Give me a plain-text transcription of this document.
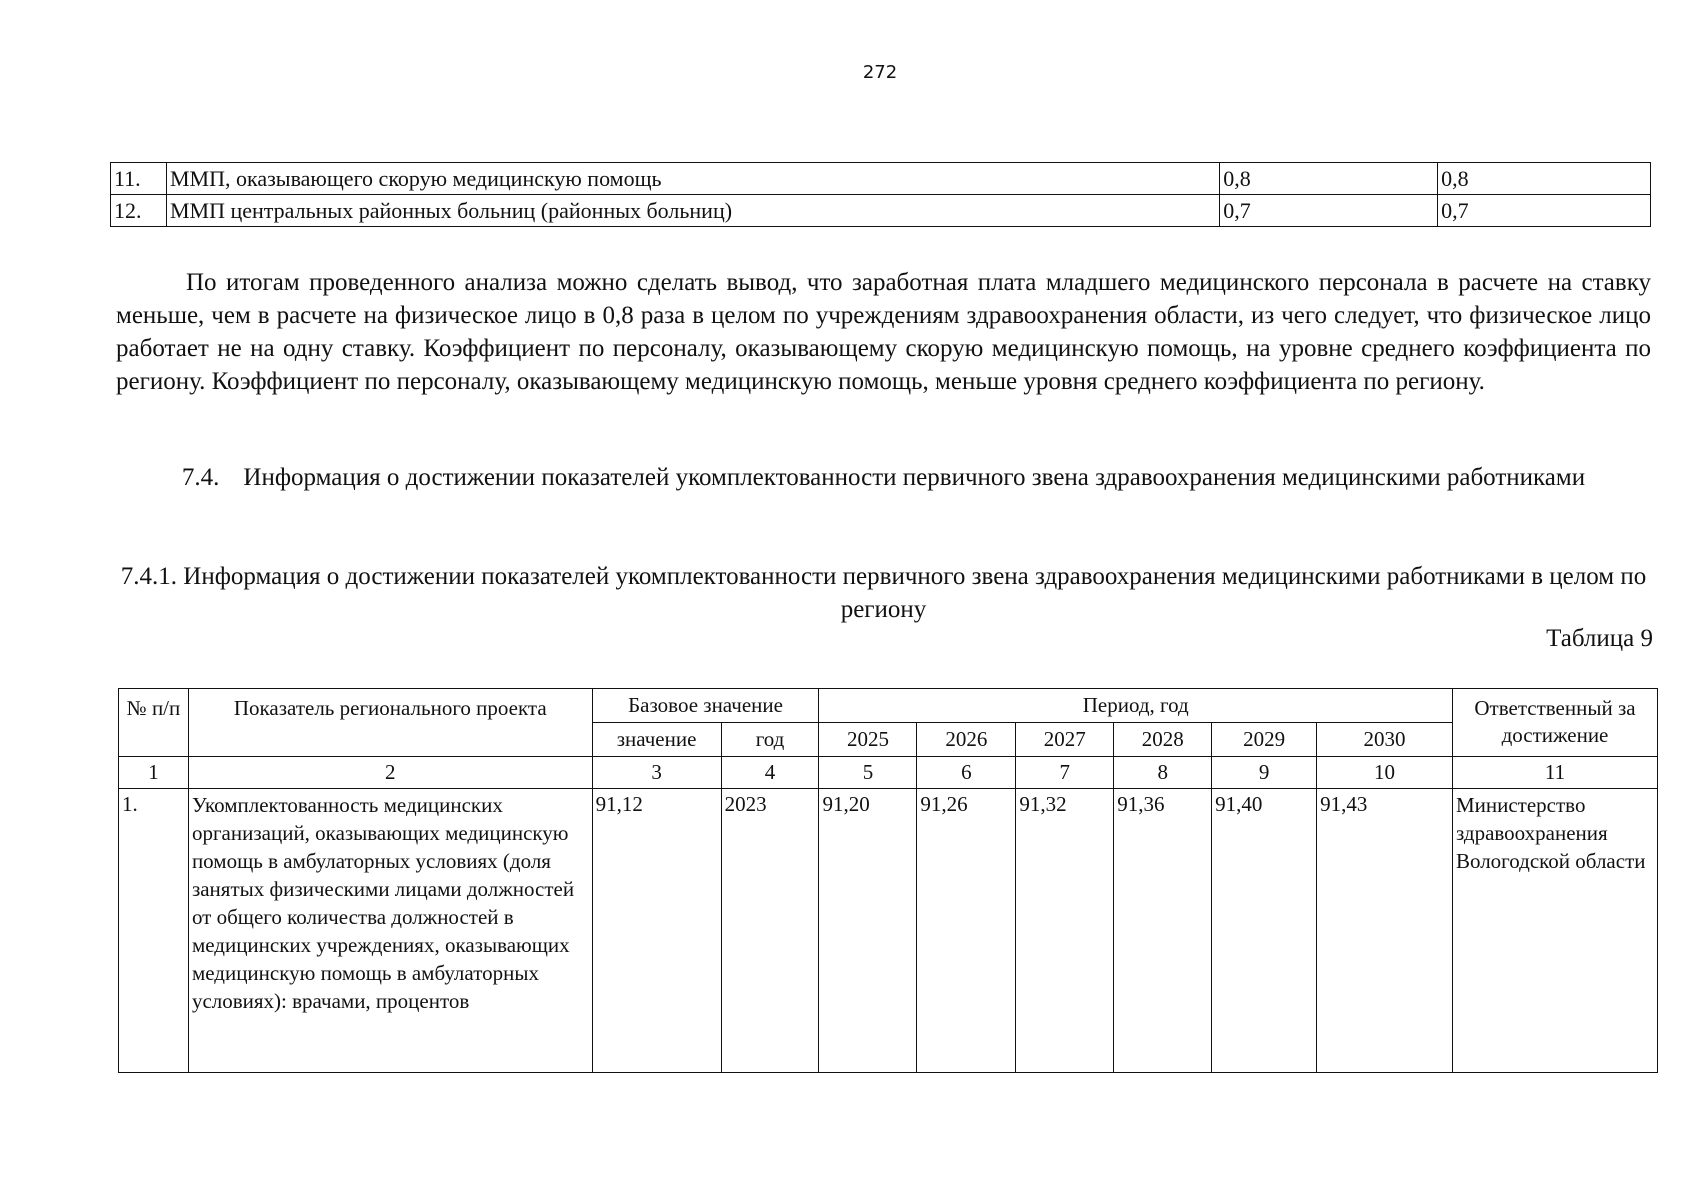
272
11.	ММП, оказывающего скорую медицинскую помощь	0,8	0,8
12.	ММП центральных районных больниц (районных больниц)	0,7	0,7

По итогам проведенного анализа можно сделать вывод, что заработная плата младшего медицинского персонала в расчете на ставку меньше, чем в расчете на физическое лицо в 0,8 раза в целом по учреждениям здравоохранения области, из чего следует, что физическое лицо работает не на одну ставку. Коэффициент по персоналу, оказывающему скорую медицинскую помощь, на уровне среднего коэффициента по региону. Коэффициент по персоналу, оказывающему медицинскую помощь, меньше уровня среднего коэффициента по региону.

7.4. Информация о достижении показателей укомплектованности первичного звена здравоохранения медицинскими работниками

7.4.1. Информация о достижении показателей укомплектованности первичного звена здравоохранения медицинскими работниками в целом по региону

Таблица 9
№ п/п	Показатель регионального проекта	Базовое значение		Период, год						Ответственный за достижение
		значение	год	2025	2026	2027	2028	2029	2030	
1	2	3	4	5	6	7	8	9	10	11
1.	Укомплектованность медицинских организаций, оказывающих медицинскую помощь в амбулаторных условиях (доля занятых физическими лицами должностей от общего количества должностей в медицинских учреждениях, оказывающих медицинскую помощь в амбулаторных условиях): врачами, процентов	91,12	2023	91,20	91,26	91,32	91,36	91,40	91,43	Министерство здравоохранения Вологодской области
